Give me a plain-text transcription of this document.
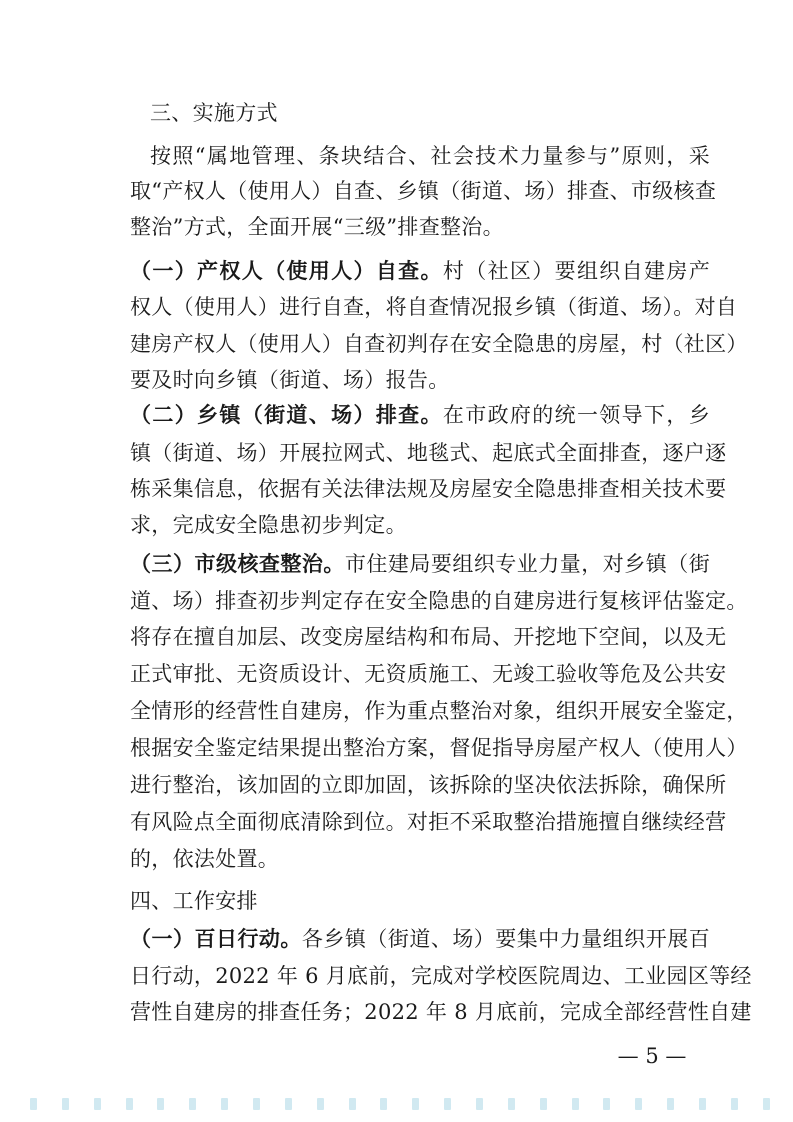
三、实施方式
按照“属地管理、条块结合、社会技术力量参与”原则，采
取“产权人（使用人）自查、乡镇（街道、场）排查、市级核查
整治”方式，全面开展“三级”排查整治。
（一）产权人（使用人）自查。村（社区）要组织自建房产
权人（使用人）进行自查，将自查情况报乡镇（街道、场）。对自
建房产权人（使用人）自查初判存在安全隐患的房屋，村（社区）
要及时向乡镇（街道、场）报告。
（二）乡镇（街道、场）排查。在市政府的统一领导下，乡
镇（街道、场）开展拉网式、地毯式、起底式全面排查，逐户逐
栋采集信息，依据有关法律法规及房屋安全隐患排查相关技术要
求，完成安全隐患初步判定。
（三）市级核查整治。市住建局要组织专业力量，对乡镇（街
道、场）排查初步判定存在安全隐患的自建房进行复核评估鉴定。
将存在擅自加层、改变房屋结构和布局、开挖地下空间，以及无
正式审批、无资质设计、无资质施工、无竣工验收等危及公共安
全情形的经营性自建房，作为重点整治对象，组织开展安全鉴定，
根据安全鉴定结果提出整治方案，督促指导房屋产权人（使用人）
进行整治，该加固的立即加固，该拆除的坚决依法拆除，确保所
有风险点全面彻底清除到位。对拒不采取整治措施擅自继续经营
的，依法处置。
四、工作安排
（一）百日行动。各乡镇（街道、场）要集中力量组织开展百
日行动，2022 年 6 月底前，完成对学校医院周边、工业园区等经
营性自建房的排查任务；2022 年 8 月底前，完成全部经营性自建
— 5 —
